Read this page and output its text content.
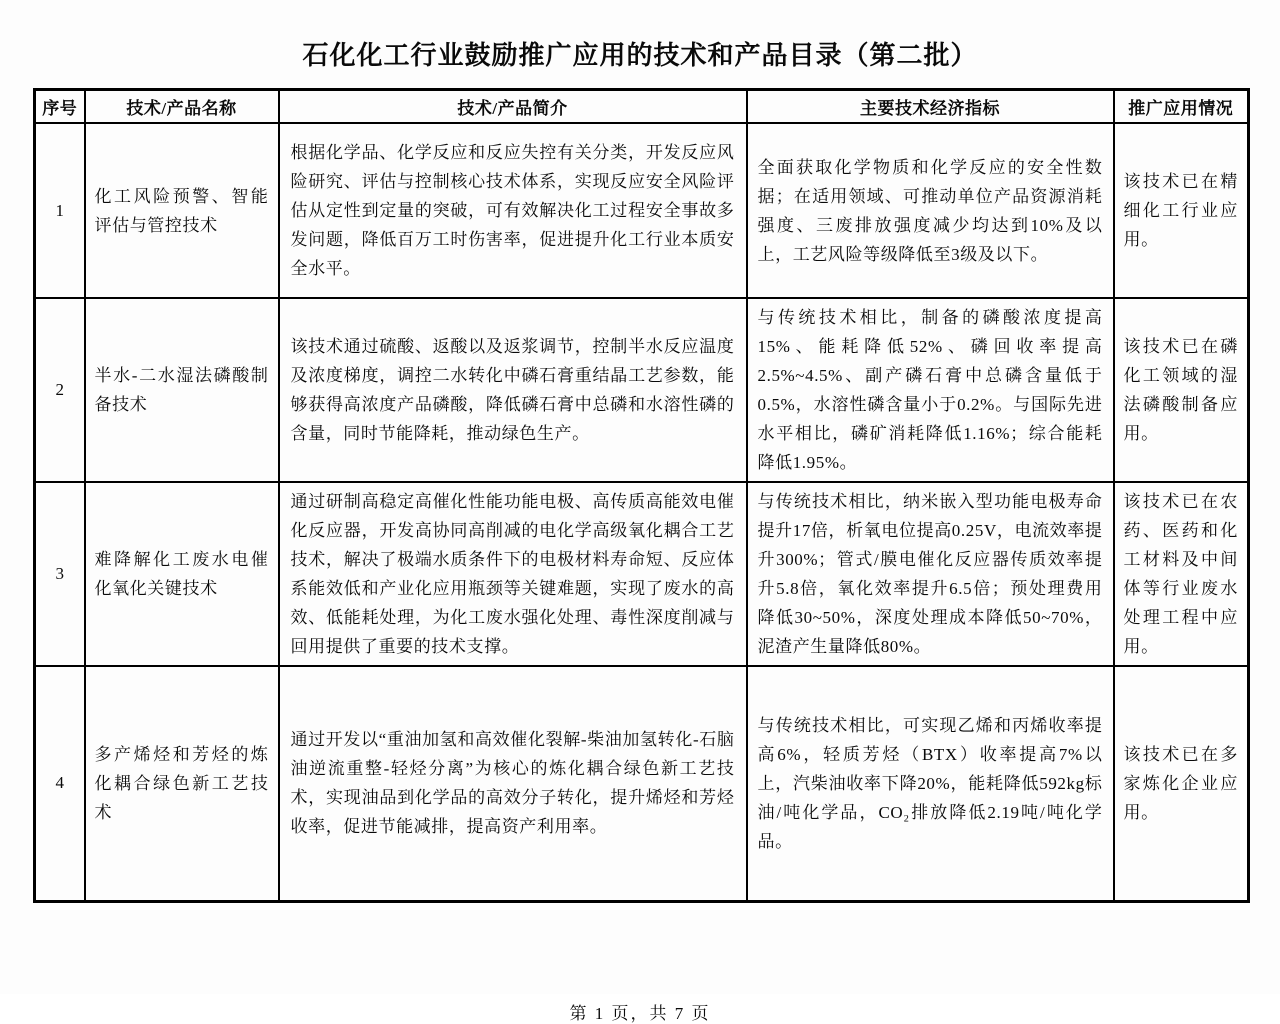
石化化工行业鼓励推广应用的技术和产品目录（第二批）
序号	技术/产品名称	技术/产品简介	主要技术经济指标	推广应用情况
1	化工风险预警、智能评估与管控技术	根据化学品、化学反应和反应失控有关分类，开发反应风险研究、评估与控制核心技术体系，实现反应安全风险评估从定性到定量的突破，可有效解决化工过程安全事故多发问题，降低百万工时伤害率，促进提升化工行业本质安全水平。	全面获取化学物质和化学反应的安全性数据；在适用领域、可推动单位产品资源消耗强度、三废排放强度减少均达到10%及以上，工艺风险等级降低至3级及以下。	该技术已在精细化工行业应用。
2	半水-二水湿法磷酸制备技术	该技术通过硫酸、返酸以及返浆调节，控制半水反应温度及浓度梯度，调控二水转化中磷石膏重结晶工艺参数，能够获得高浓度产品磷酸，降低磷石膏中总磷和水溶性磷的含量，同时节能降耗，推动绿色生产。	与传统技术相比，制备的磷酸浓度提高15%、能耗降低52%、磷回收率提高2.5%~4.5%、副产磷石膏中总磷含量低于0.5%，水溶性磷含量小于0.2%。与国际先进水平相比，磷矿消耗降低1.16%；综合能耗降低1.95%。	该技术已在磷化工领域的湿法磷酸制备应用。
3	难降解化工废水电催化氧化关键技术	通过研制高稳定高催化性能功能电极、高传质高能效电催化反应器，开发高协同高削减的电化学高级氧化耦合工艺技术，解决了极端水质条件下的电极材料寿命短、反应体系能效低和产业化应用瓶颈等关键难题，实现了废水的高效、低能耗处理，为化工废水强化处理、毒性深度削减与回用提供了重要的技术支撑。	与传统技术相比，纳米嵌入型功能电极寿命提升17倍，析氧电位提高0.25V，电流效率提升300%；管式/膜电催化反应器传质效率提升5.8倍，氧化效率提升6.5倍；预处理费用降低30~50%，深度处理成本降低50~70%，泥渣产生量降低80%。	该技术已在农药、医药和化工材料及中间体等行业废水处理工程中应用。
4	多产烯烃和芳烃的炼化耦合绿色新工艺技术	通过开发以“重油加氢和高效催化裂解-柴油加氢转化-石脑油逆流重整-轻烃分离”为核心的炼化耦合绿色新工艺技术，实现油品到化学品的高效分子转化，提升烯烃和芳烃收率，促进节能减排，提高资产利用率。	与传统技术相比，可实现乙烯和丙烯收率提高6%，轻质芳烃（BTX）收率提高7%以上，汽柴油收率下降20%，能耗降低592kg标油/吨化学品，CO₂排放降低2.19吨/吨化学品。	该技术已在多家炼化企业应用。
第 1 页，共 7 页
